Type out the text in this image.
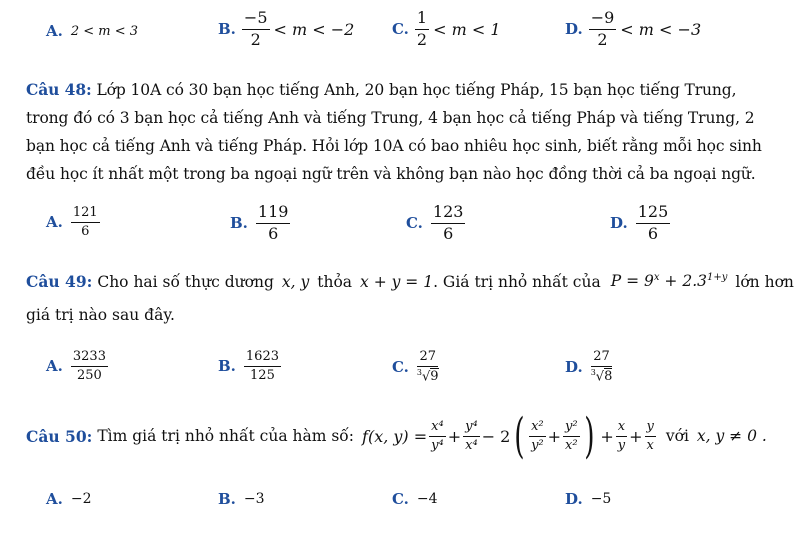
A. 2 < m < 3	B. $\frac{-5}{2} < m < -2$	C. $\frac{1}{2} < m < 1$	D. $\frac{-9}{2} < m < -3$
Câu 48: Lớp 10A có 30 bạn học tiếng Anh, 20 bạn học tiếng Pháp, 15 bạn học tiếng Trung,
trong đó có 3 bạn học cả tiếng Anh và tiếng Trung, 4 bạn học cả tiếng Pháp và tiếng Trung, 2
bạn học cả tiếng Anh và tiếng Pháp. Hỏi lớp 10A có bao nhiêu học sinh, biết rằng mỗi học sinh
đều học ít nhất một trong ba ngoại ngữ trên và không bạn nào học đồng thời cả ba ngoại ngữ.
A. $\frac{121}{6}$	B. $\frac{119}{6}$	C. $\frac{123}{6}$	D. $\frac{125}{6}$
Câu 49: Cho hai số thực dương x, y thỏa x + y = 1 . Giá trị nhỏ nhất của $P = 9^x + 2.3^{1+y}$ lớn hơn
giá trị nào sau đây.
A. $\frac{3233}{250}$	B. $\frac{1623}{125}$	C. $\frac{27}{^3√9}$	D. $\frac{27}{^3√8}$
Câu 50: Tìm giá trị nhỏ nhất của hàm số: f(x, $y) = \frac{\text{x⁴}}{\text{y⁴}} + \frac{\text{y⁴}}{\text{x⁴}} - 2$ ( $\frac{\text{x²}}{\text{y²}} + \frac{\text{y²}}{\text{x²}}$ ) + $\frac{x}{y} + \frac{y}{x}$ với x, y ≠ 0 .
A. −2	B. −3	C. −4	D. −5
